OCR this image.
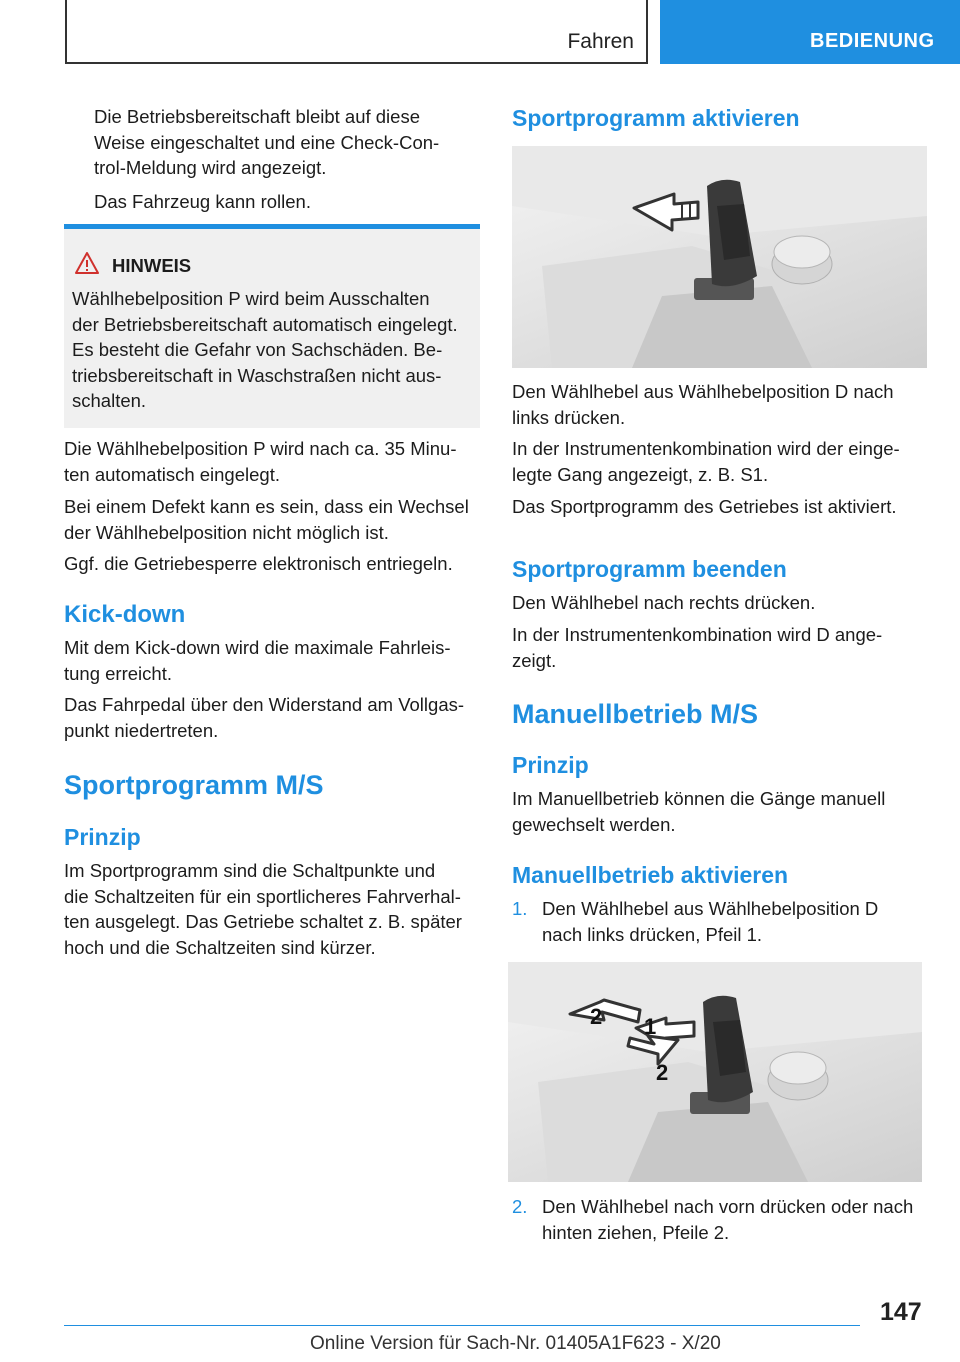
Fahren	BEDIENUNG

Die Betriebsbereitschaft bleibt auf diese

Weise eingeschaltet und eine Check-Con‐

trol-Meldung wird angezeigt.

Das Fahrzeug kann rollen.

HINWEIS

Wählhebelposition P wird beim Ausschalten

der Betriebsbereitschaft automatisch eingelegt.

Es besteht die Gefahr von Sachschäden. Be‐

triebsbereitschaft in Waschstraßen nicht aus‐

schalten.

Die Wählhebelposition P wird nach ca. 35 Minu‐

ten automatisch eingelegt.

Bei einem Defekt kann es sein, dass ein Wechsel

der Wählhebelposition nicht möglich ist.

Ggf. die Getriebesperre elektronisch entriegeln.

Kick-down

Mit dem Kick-down wird die maximale Fahrleis‐

tung erreicht.

Das Fahrpedal über den Widerstand am Vollgas‐

punkt niedertreten.

Sportprogramm M/S
Prinzip

Im Sportprogramm sind die Schaltpunkte und

die Schaltzeiten für ein sportlicheres Fahrverhal‐

ten ausgelegt. Das Getriebe schaltet z. B. später

hoch und die Schaltzeiten sind kürzer.

Sportprogramm aktivieren

Den Wählhebel aus Wählhebelposition D nach

links drücken.

In der Instrumentenkombination wird der einge‐

legte Gang angezeigt, z. B. S1.

Das Sportprogramm des Getriebes ist aktiviert.

Sportprogramm beenden

Den Wählhebel nach rechts drücken.

In der Instrumentenkombination wird D ange‐

zeigt.

Manuellbetrieb M/S
Prinzip

Im Manuellbetrieb können die Gänge manuell

gewechselt werden.

Manuellbetrieb aktivieren
1. Den Wählhebel aus Wählhebelposition D

nach links drücken, Pfeil 1.

1
2
2
2. Den Wählhebel nach vorn drücken oder nach

hinten ziehen, Pfeile 2.

147
Online Version für Sach-Nr. 01405A1F623 - X/20
